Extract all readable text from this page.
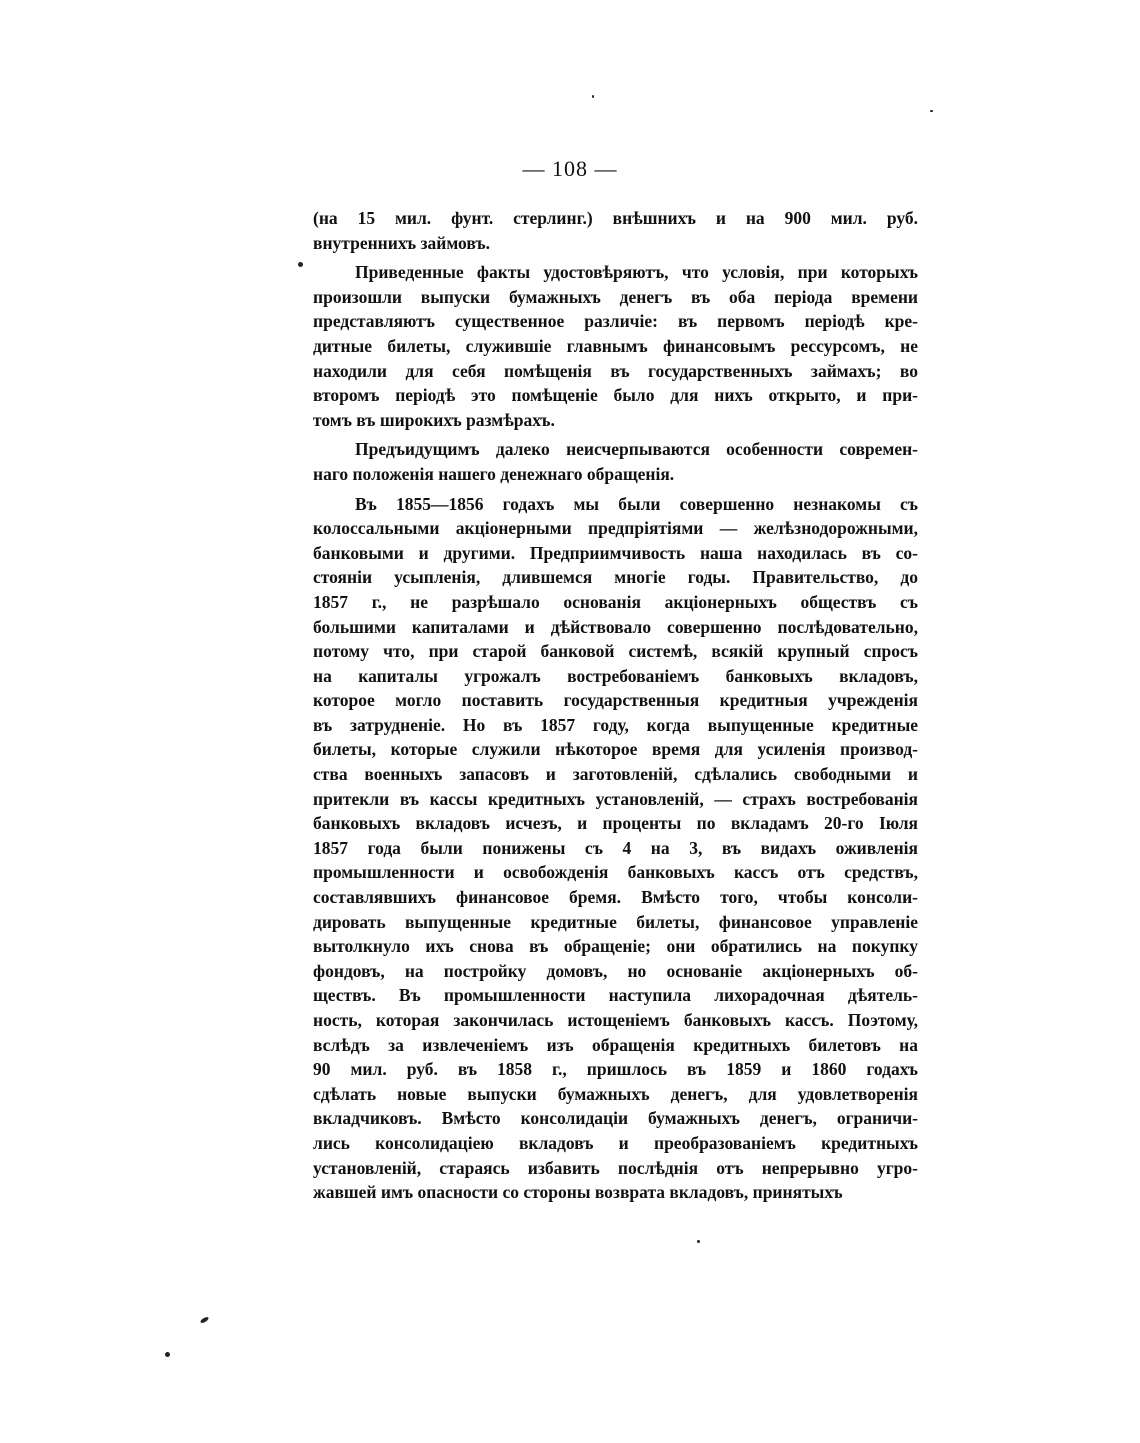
— 108 —
(на 15 мил. фунт. стерлинг.) внѣшнихъ и на 900 мил. руб.
внутреннихъ займовъ.
Приведенные факты удостовѣряютъ, что условiя, при которыхъ
произошли выпуски бумажныхъ денегъ въ оба перiода времени
представляютъ существенное различiе: въ первомъ перiодѣ кре-
дитные билеты, служившiе главнымъ финансовымъ рессурсомъ, не
находили для себя помѣщенiя въ государственныхъ займахъ; во
второмъ перiодѣ это помѣщенiе было для нихъ открыто, и при-
томъ въ широкихъ размѣрахъ.
Предъидущимъ далеко неисчерпываются особенности современ-
наго положенiя нашего денежнаго обращенiя.
Въ 1855—1856 годахъ мы были совершенно незнакомы съ
колоссальными акцiонерными предпрiятiями — желѣзнодорожными,
банковыми и другими. Предприимчивость наша находилась въ со-
стоянiи усыпленiя, длившемся многiе годы. Правительство, до
1857 г., не разрѣшало основанiя акцiонерныхъ обществъ съ
большими капиталами и дѣйствовало совершенно послѣдовательно,
потому что, при старой банковой системѣ, всякiй крупный спросъ
на капиталы угрожалъ востребованiемъ банковыхъ вкладовъ,
которое могло поставить государственныя кредитныя учрежденiя
въ затрудненiе. Но въ 1857 году, когда выпущенные кредитные
билеты, которые служили нѣкоторое время для усиленiя производ-
ства военныхъ запасовъ и заготовленiй, сдѣлались свободными и
притекли въ кассы кредитныхъ установленiй, — страхъ востребованiя
банковыхъ вкладовъ исчезъ, и проценты по вкладамъ 20-го Iюля
1857 года были понижены съ 4 на 3, въ видахъ оживленiя
промышленности и освобожденiя банковыхъ кассъ отъ средствъ,
составлявшихъ финансовое бремя. Вмѣсто того, чтобы консоли-
дировать выпущенные кредитные билеты, финансовое управленiе
вытолкнуло ихъ снова въ обращенiе; они обратились на покупку
фондовъ, на постройку домовъ, но основанiе акцiонерныхъ об-
ществъ. Въ промышленности наступила лихорадочная дѣятель-
ность, которая закончилась истощенiемъ банковыхъ кассъ. Поэтому,
вслѣдъ за извлеченiемъ изъ обращенiя кредитныхъ билетовъ на
90 мил. руб. въ 1858 г., пришлось въ 1859 и 1860 годахъ
сдѣлать новые выпуски бумажныхъ денегъ, для удовлетворенiя
вкладчиковъ. Вмѣсто консолидацiи бумажныхъ денегъ, ограничи-
лись консолидацiею вкладовъ и преобразованiемъ кредитныхъ
установленiй, стараясь избавить послѣднiя отъ непрерывно угро-
жавшей имъ опасности со стороны возврата вкладовъ, принятыхъ
